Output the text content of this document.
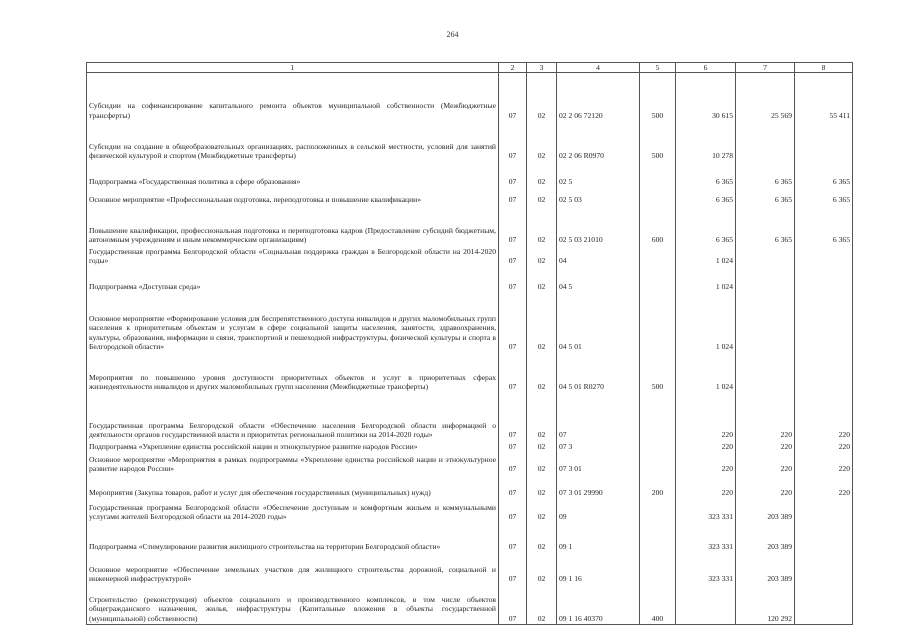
264
1	2	3	4	5	6	7	8
Субсидии на софинансирование капитального ремонта объектов муниципальной собственности (Межбюджетные трансферты)	07	02	02 2 06 72120	500	30 615	25 569	55 411
Субсидии на создание в общеобразовательных организациях, расположенных в сельской местности, условий для занятий физической культурой и спортом (Межбюджетные трансферты)	07	02	02 2 06 R0970	500	10 278		
Подпрограмма «Государственная политика в сфере образования»	07	02	02 5		6 365	6 365	6 365
Основное мероприятие «Профессиональная подготовка, переподготовка и повышение квалификации»	07	02	02 5 03		6 365	6 365	6 365
Повышение квалификации, профессиональная подготовка и переподготовка кадров (Предоставление субсидий бюджетным, автономным учреждениям и иным некоммерческим организациям)	07	02	02 5 03 21010	600	6 365	6 365	6 365
Государственная программа Белгородской области «Социальная поддержка граждан в Белгородской области на 2014-2020 годы»	07	02	04		1 024		
Подпрограмма «Доступная среда»	07	02	04 5		1 024		
Основное мероприятие «Формирование условия для беспрепятственного доступа инвалидов и других маломобильных групп населения к приоритетным объектам и услугам в сфере социальной защиты населения, занятости, здравоохранения, культуры, образования, информации и связи, транспортной и пешеходной инфраструктуры, физической культуры и спорта в Белгородской области»	07	02	04 5 01		1 024		
Мероприятия по повышению уровня доступности приоритетных объектов и услуг в приоритетных сферах жизнедеятельности инвалидов и других маломобильных групп населения (Межбюджетные трансферты)	07	02	04 5 01 R0270	500	1 024		
Государственная программа Белгородской области «Обеспечение населения Белгородской области информацией о деятельности органов государственной власти и приоритетах региональной политики на 2014-2020 годы»	07	02	07		220	220	220
Подпрограмма «Укрепление единства российской нации и этнокультурное развитие народов России»	07	02	07 3		220	220	220
Основное мероприятие «Мероприятия в рамках подпрограммы «Укрепление единства российской нации и этнокультурное развитие народов России»	07	02	07 3 01		220	220	220
Мероприятия (Закупка товаров, работ и услуг для обеспечения государственных (муниципальных) нужд)	07	02	07 3 01 29990	200	220	220	220
Государственная программа Белгородской области «Обеспечение доступным и комфортным жильем и коммунальными услугами жителей Белгородской области на 2014-2020 годы»	07	02	09		323 331	203 389	
Подпрограмма «Стимулирование развития жилищного строительства на территории Белгородской области»	07	02	09 1		323 331	203 389	
Основное мероприятие «Обеспечение земельных участков для жилищного строительства дорожной, социальной и инженерной инфраструктурой»	07	02	09 1 16		323 331	203 389	
Строительство (реконструкция) объектов социального и производственного комплексов, в том числе объектов общегражданского назначения, жилья, инфраструктуры (Капитальные вложения в объекты государственной (муниципальной) собственности)	07	02	09 1 16 40370	400		120 292	
